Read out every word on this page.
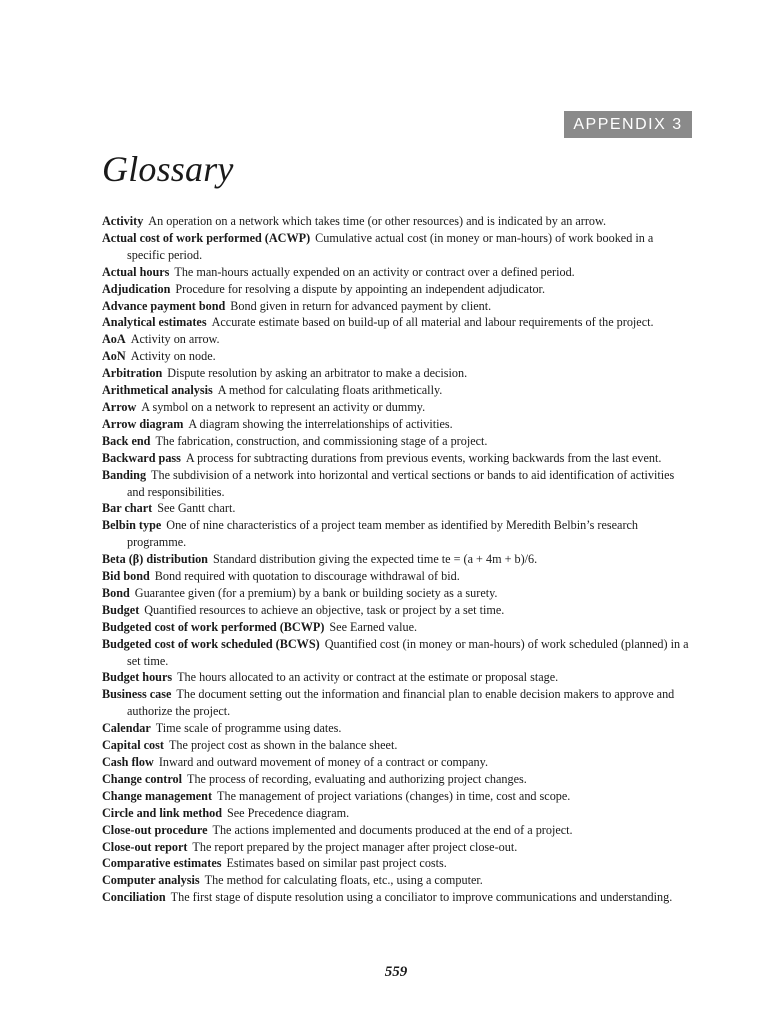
APPENDIX 3
Glossary
Activity An operation on a network which takes time (or other resources) and is indicated by an arrow.
Actual cost of work performed (ACWP) Cumulative actual cost (in money or man-hours) of work booked in a specific period.
Actual hours The man-hours actually expended on an activity or contract over a defined period.
Adjudication Procedure for resolving a dispute by appointing an independent adjudicator.
Advance payment bond Bond given in return for advanced payment by client.
Analytical estimates Accurate estimate based on build-up of all material and labour requirements of the project.
AoA Activity on arrow.
AoN Activity on node.
Arbitration Dispute resolution by asking an arbitrator to make a decision.
Arithmetical analysis A method for calculating floats arithmetically.
Arrow A symbol on a network to represent an activity or dummy.
Arrow diagram A diagram showing the interrelationships of activities.
Back end The fabrication, construction, and commissioning stage of a project.
Backward pass A process for subtracting durations from previous events, working backwards from the last event.
Banding The subdivision of a network into horizontal and vertical sections or bands to aid identification of activities and responsibilities.
Bar chart See Gantt chart.
Belbin type One of nine characteristics of a project team member as identified by Meredith Belbin’s research programme.
Beta (β) distribution Standard distribution giving the expected time te = (a + 4m + b)/6.
Bid bond Bond required with quotation to discourage withdrawal of bid.
Bond Guarantee given (for a premium) by a bank or building society as a surety.
Budget Quantified resources to achieve an objective, task or project by a set time.
Budgeted cost of work performed (BCWP) See Earned value.
Budgeted cost of work scheduled (BCWS) Quantified cost (in money or man-hours) of work scheduled (planned) in a set time.
Budget hours The hours allocated to an activity or contract at the estimate or proposal stage.
Business case The document setting out the information and financial plan to enable decision makers to approve and authorize the project.
Calendar Time scale of programme using dates.
Capital cost The project cost as shown in the balance sheet.
Cash flow Inward and outward movement of money of a contract or company.
Change control The process of recording, evaluating and authorizing project changes.
Change management The management of project variations (changes) in time, cost and scope.
Circle and link method See Precedence diagram.
Close-out procedure The actions implemented and documents produced at the end of a project.
Close-out report The report prepared by the project manager after project close-out.
Comparative estimates Estimates based on similar past project costs.
Computer analysis The method for calculating floats, etc., using a computer.
Conciliation The first stage of dispute resolution using a conciliator to improve communications and understanding.
559
